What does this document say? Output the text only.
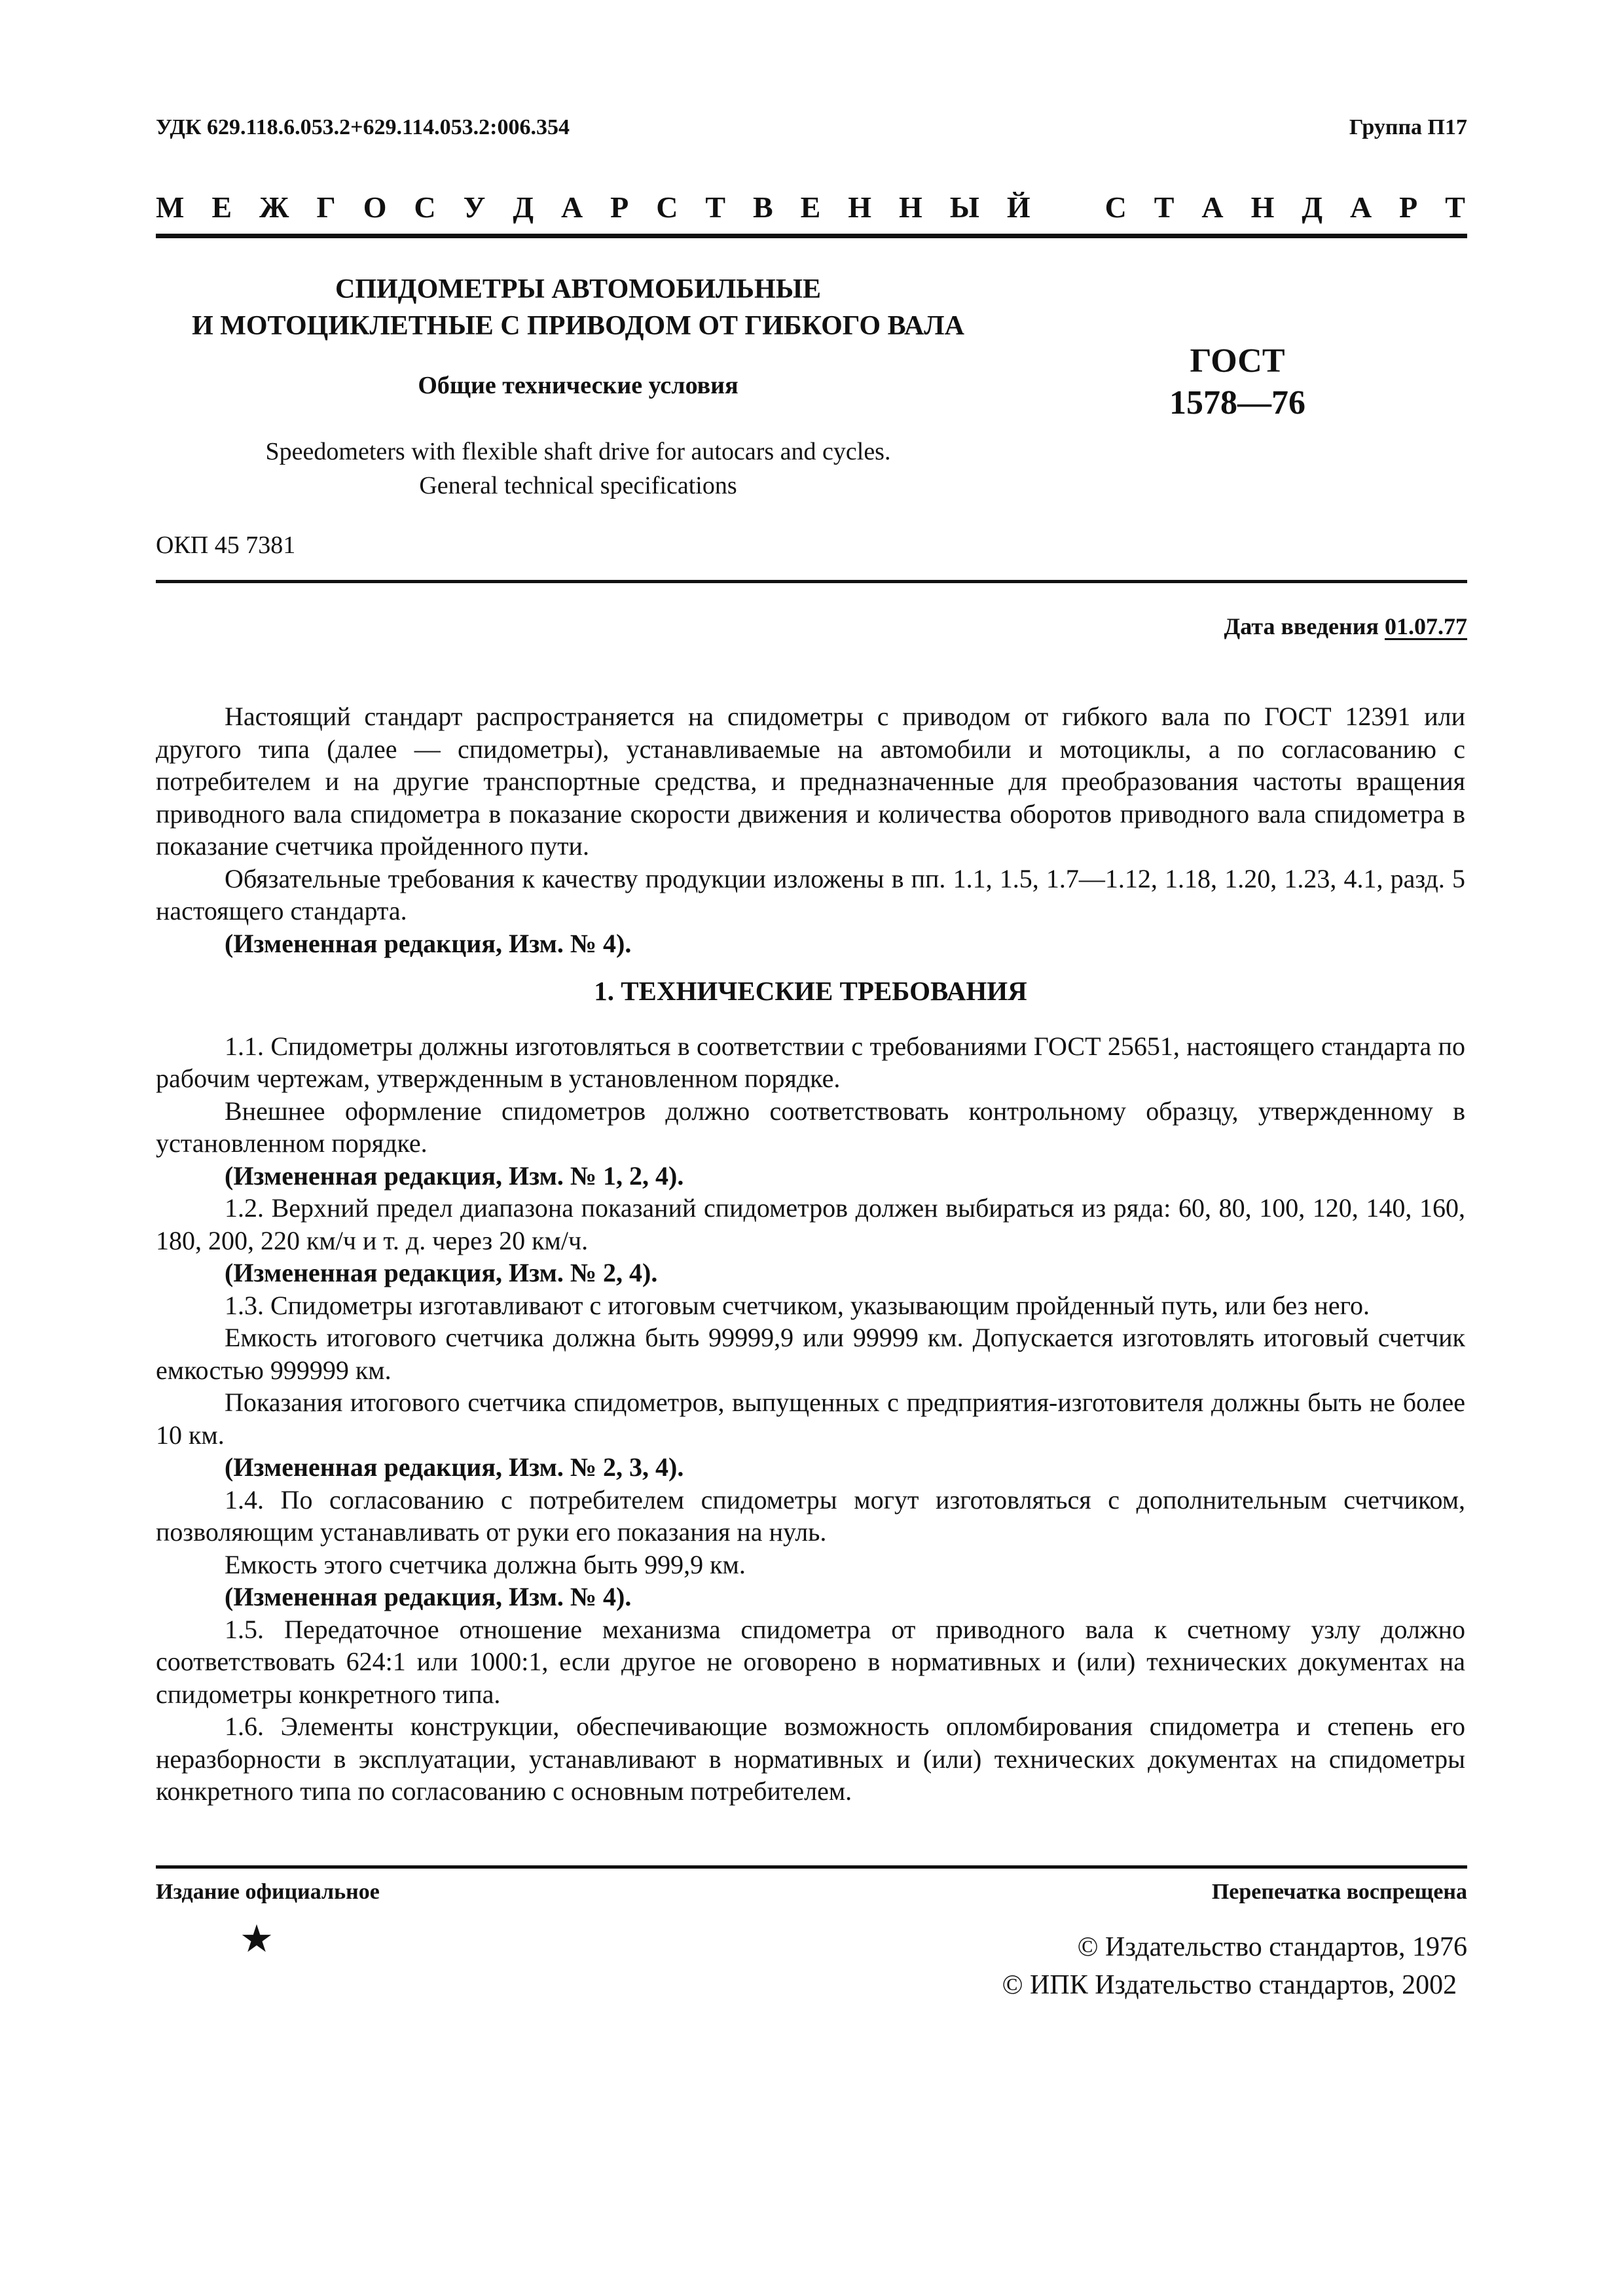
УДК 629.118.6.053.2+629.114.053.2:006.354	Группа П17
М Е Ж Г О С У Д А Р С Т В Е Н Н Ы Й С Т А Н Д А Р Т
СПИДОМЕТРЫ АВТОМОБИЛЬНЫЕ
И МОТОЦИКЛЕТНЫЕ С ПРИВОДОМ ОТ ГИБКОГО ВАЛА
Общие технические условия
Speedometers with flexible shaft drive for autocars and cycles.
General technical specifications
ГОСТ
1578—76
ОКП 45 7381
Дата введения 01.07.77

Настоящий стандарт распространяется на спидометры с приводом от гибкого вала по ГОСТ 12391 или другого типа (далее — спидометры), устанавливаемые на автомобили и мотоциклы, а по согласованию с потребителем и на другие транспортные средства, и предназначенные для преобразования частоты вращения приводного вала спидометра в показание скорости движения и количества оборотов приводного вала спидометра в показание счетчика пройденного пути.

Обязательные требования к качеству продукции изложены в пп. 1.1, 1.5, 1.7—1.12, 1.18, 1.20, 1.23, 4.1, разд. 5 настоящего стандарта.

(Измененная редакция, Изм. № 4).

1. ТЕХНИЧЕСКИЕ ТРЕБОВАНИЯ

1.1. Спидометры должны изготовляться в соответствии с требованиями ГОСТ 25651, настоящего стандарта по рабочим чертежам, утвержденным в установленном порядке.

Внешнее оформление спидометров должно соответствовать контрольному образцу, утвержденному в установленном порядке.

(Измененная редакция, Изм. № 1, 2, 4).

1.2. Верхний предел диапазона показаний спидометров должен выбираться из ряда: 60, 80, 100, 120, 140, 160, 180, 200, 220 км/ч и т. д. через 20 км/ч.

(Измененная редакция, Изм. № 2, 4).

1.3. Спидометры изготавливают с итоговым счетчиком, указывающим пройденный путь, или без него.

Емкость итогового счетчика должна быть 99999,9 или 99999 км. Допускается изготовлять итоговый счетчик емкостью 999999 км.

Показания итогового счетчика спидометров, выпущенных с предприятия-изготовителя должны быть не более 10 км.

(Измененная редакция, Изм. № 2, 3, 4).

1.4. По согласованию с потребителем спидометры могут изготовляться с дополнительным счетчиком, позволяющим устанавливать от руки его показания на нуль.

Емкость этого счетчика должна быть 999,9 км.

(Измененная редакция, Изм. № 4).

1.5. Передаточное отношение механизма спидометра от приводного вала к счетному узлу должно соответствовать 624:1 или 1000:1, если другое не оговорено в нормативных и (или) технических документах на спидометры конкретного типа.

1.6. Элементы конструкции, обеспечивающие возможность опломбирования спидометра и степень его неразборности в эксплуатации, устанавливают в нормативных и (или) технических документах на спидометры конкретного типа по согласованию с основным потребителем.

Издание официальное	Перепечатка воспрещена
★	© Издательство стандартов, 1976
© ИПК Издательство стандартов, 2002
